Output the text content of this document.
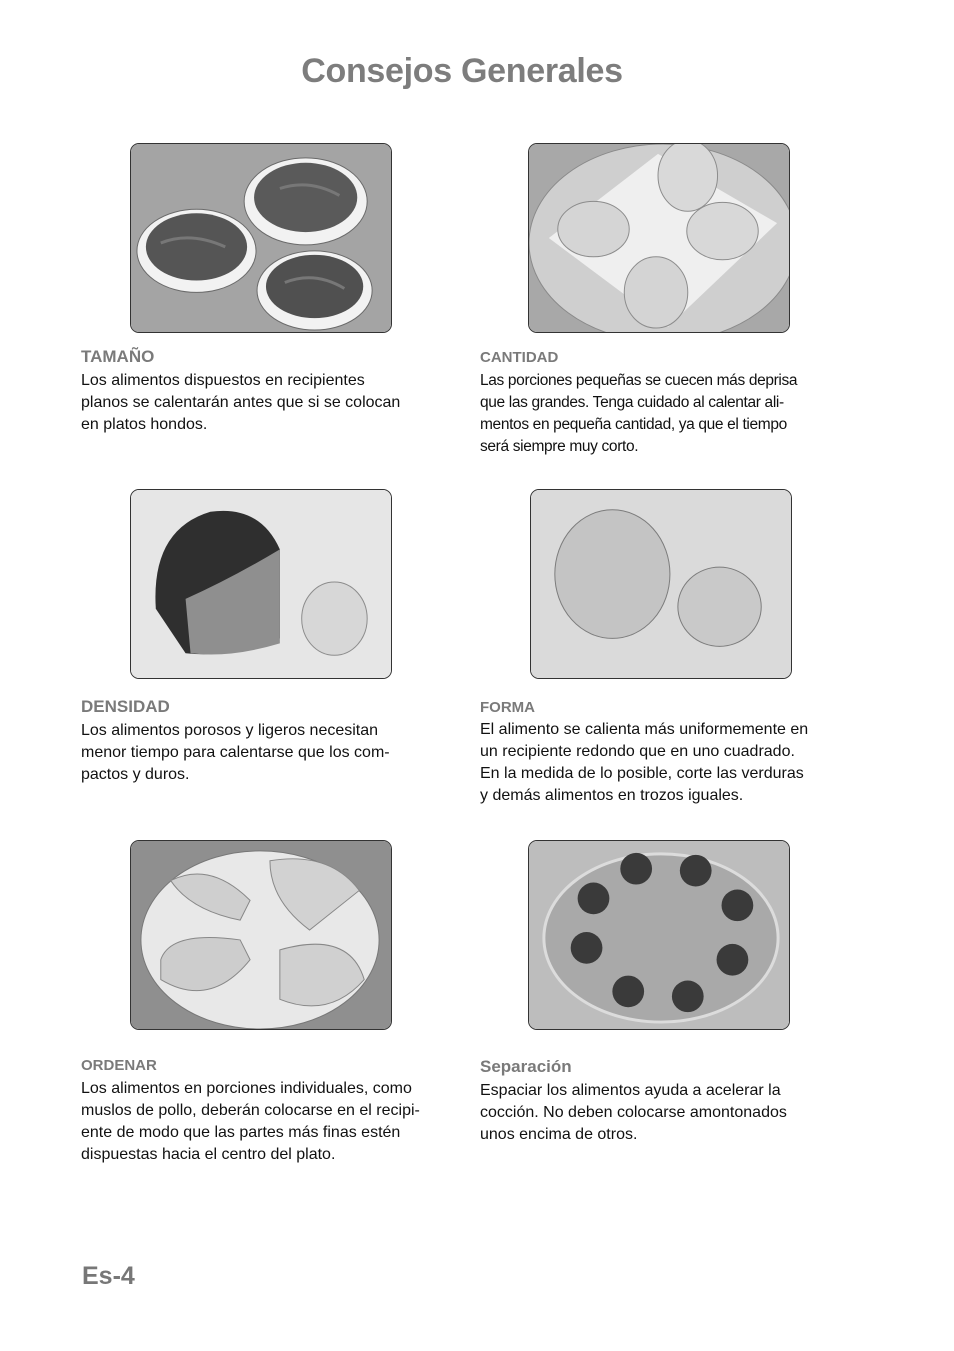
Consejos Generales
TAMAÑO
Los alimentos dispuestos en recipientes
planos se calentarán antes que si se colocan
en platos hondos.
CANTIDAD
Las porciones pequeñas se cuecen más deprisa
que las grandes. Tenga cuidado al calentar ali-
mentos en pequeña cantidad, ya que el tiempo
será siempre muy corto.
DENSIDAD
Los alimentos porosos y ligeros necesitan
menor tiempo para calentarse que los com-
pactos y duros.
FORMA
El alimento se calienta más uniformemente en
un recipiente redondo que en uno cuadrado.
En la medida de lo posible, corte las verduras
y demás alimentos en trozos iguales.
ORDENAR
Los alimentos en porciones individuales, como
muslos de pollo, deberán colocarse en el recipi-
ente de modo que las partes más finas estén
dispuestas hacia el centro del plato.
Separación
Espaciar los alimentos ayuda a acelerar la
cocción. No deben colocarse amontonados
unos encima de otros.

Es-4
